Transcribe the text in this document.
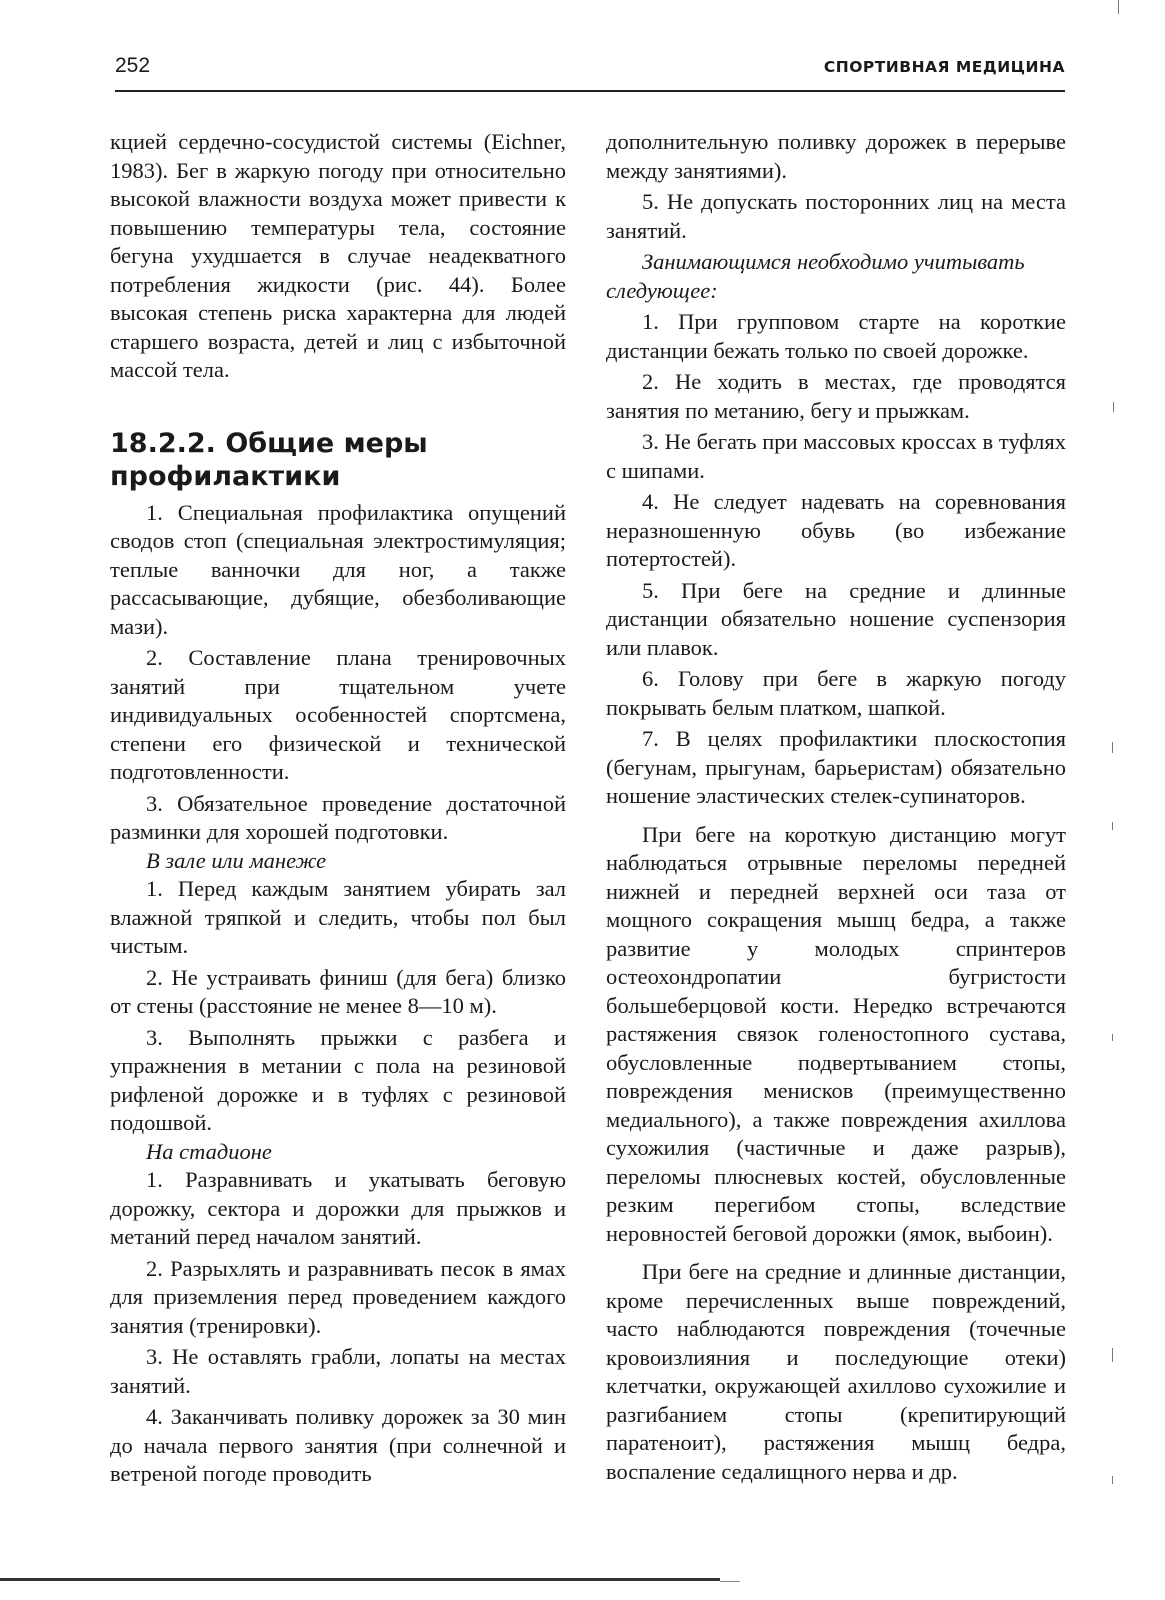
252	СПОРТИВНАЯ МЕДИЦИНА

кцией сердечно-сосудистой системы (Eichner, 1983). Бег в жаркую погоду при относительно высокой влажности воздуха может привести к повышению температуры тела, состояние бегуна ухудшается в случае неадекватного потребления жидкости (рис. 44). Более высокая степень риска характерна для людей старшего возраста, детей и лиц с избыточной массой тела.

18.2.2. Общие меры профилактики

1. Специальная профилактика опущений сводов стоп (специальная электростимуляция; теплые ванночки для ног, а также рассасывающие, дубящие, обезболивающие мази).

2. Составление плана тренировочных занятий при тщательном учете индивидуальных особенностей спортсмена, степени его физической и технической подготовленности.

3. Обязательное проведение достаточной разминки для хорошей подготовки.

В зале или манеже

1. Перед каждым занятием убирать зал влажной тряпкой и следить, чтобы пол был чистым.

2. Не устраивать финиш (для бега) близко от стены (расстояние не менее 8—10 м).

3. Выполнять прыжки с разбега и упражнения в метании с пола на резиновой рифленой дорожке и в туфлях с резиновой подошвой.

На стадионе

1. Разравнивать и укатывать беговую дорожку, сектора и дорожки для прыжков и метаний перед началом занятий.

2. Разрыхлять и разравнивать песок в ямах для приземления перед проведением каждого занятия (тренировки).

3. Не оставлять грабли, лопаты на местах занятий.

4. Заканчивать поливку дорожек за 30 мин до начала первого занятия (при солнечной и ветреной погоде проводить

дополнительную поливку дорожек в перерыве между занятиями).

5. Не допускать посторонних лиц на места занятий.

Занимающимся необходимо учитывать следующее:

1. При групповом старте на короткие дистанции бежать только по своей дорожке.

2. Не ходить в местах, где проводятся занятия по метанию, бегу и прыжкам.

3. Не бегать при массовых кроссах в туфлях с шипами.

4. Не следует надевать на соревнования неразношенную обувь (во избежание потертостей).

5. При беге на средние и длинные дистанции обязательно ношение суспензория или плавок.

6. Голову при беге в жаркую погоду покрывать белым платком, шапкой.

7. В целях профилактики плоскостопия (бегунам, прыгунам, барьеристам) обязательно ношение эластических стелек-супинаторов.

При беге на короткую дистанцию могут наблюдаться отрывные переломы передней нижней и передней верхней оси таза от мощного сокращения мышц бедра, а также развитие у молодых спринтеров остеохондропатии бугристости большеберцовой кости. Нередко встречаются растяжения связок голеностопного сустава, обусловленные подвертыванием стопы, повреждения менисков (преимущественно медиального), а также повреждения ахиллова сухожилия (частичные и даже разрыв), переломы плюсневых костей, обусловленные резким перегибом стопы, вследствие неровностей беговой дорожки (ямок, выбоин).

При беге на средние и длинные дистанции, кроме перечисленных выше повреждений, часто наблюдаются повреждения (точечные кровоизлияния и последующие отеки) клетчатки, окружающей ахиллово сухожилие и разгибанием стопы (крепитирующий паратеноит), растяжения мышц бедра, воспаление седалищного нерва и др.
